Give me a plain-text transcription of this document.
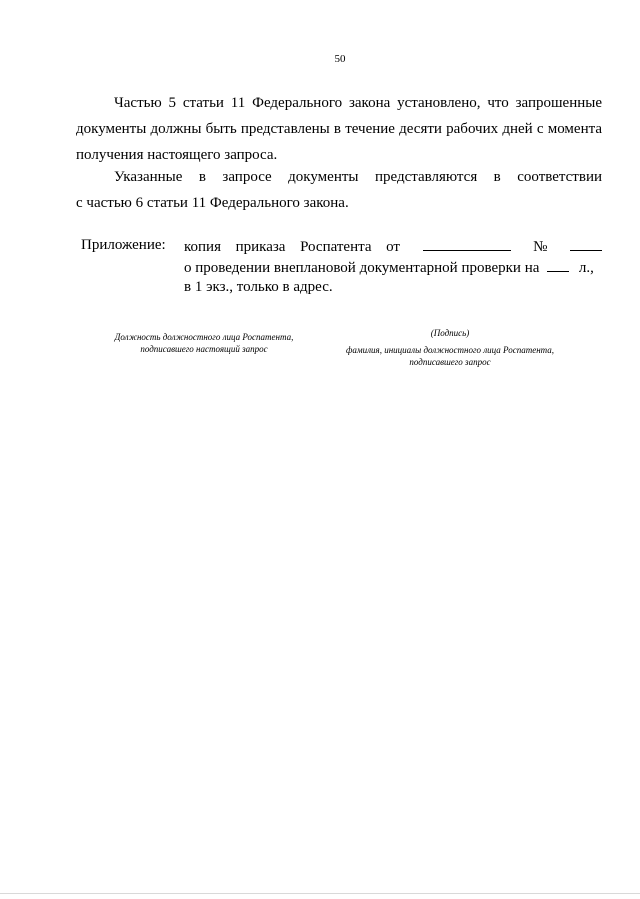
50
Частью 5 статьи 11 Федерального закона установлено, что запрошенные
документы должны быть представлены в течение десяти рабочих дней с момента
получения настоящего запроса.
Указанные в запросе документы представляются в соответствии
с частью 6 статьи 11 Федерального закона.
Приложение: копия приказа Роспатента от	№
о проведении внеплановой документарной проверки на	л.,
в 1 экз., только в адрес.
Должность должностного лица Роспатента,
подписавшего настоящий запрос
(Подпись)
фамилия, инициалы должностного лица Роспатента,
подписавшего запрос
